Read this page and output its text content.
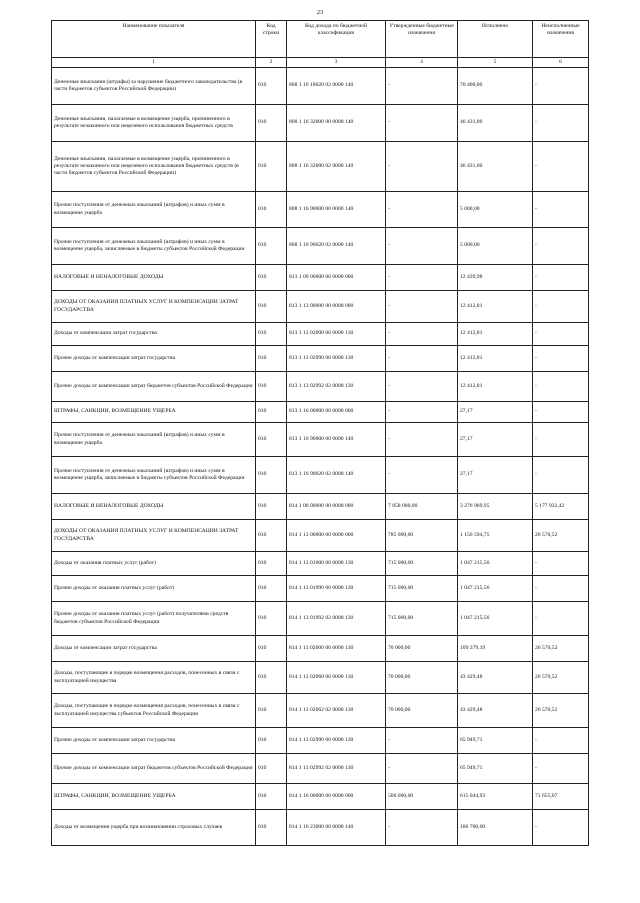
23
Наименование показателя	Код строки	Код дохода по бюджетной классификации	Утвержденные бюджетные назначения	Исполнено	Неисполненные назначения
1	2	3	4	5	6
Денежные взыскания (штрафы) за нарушение бюджетного законодательства (в части бюджетов субъектов Российской Федерации)	010	808 1 16 18020 02 0000 140	-	70 400,00	-
Денежные взыскания, налагаемые в возмещение ущерба, причиненного в результате незаконного или нецелевого использования бюджетных средств	010	808 1 16 32000 00 0000 140	-	46 431,00	-
Денежные взыскания, налагаемые в возмещение ущерба, причиненного в результате незаконного или нецелевого использования бюджетных средств (в части бюджетов субъектов Российской Федерации)	010	808 1 16 32000 02 0000 140	-	46 431,00	-
Прочие поступления от денежных взысканий (штрафов) и иных сумм в возмещение ущерба	010	808 1 16 90000 00 0000 140	-	5 000,00	-
Прочие поступления от денежных взысканий (штрафов) и иных сумм в возмещение ущерба, зачисляемые в бюджеты субъектов Российской Федерации	010	808 1 16 90020 02 0000 140	-	5 000,00	-
НАЛОГОВЫЕ И НЕНАЛОГОВЫЕ ДОХОДЫ	010	813 1 00 00000 00 0000 000	-	12 439,98	-
ДОХОДЫ ОТ ОКАЗАНИЯ ПЛАТНЫХ УСЛУГ И КОМПЕНСАЦИИ ЗАТРАТ ГОСУДАРСТВА	010	813 1 13 00000 00 0000 000	-	12 412,81	-
Доходы от компенсации затрат государства	010	813 1 13 02000 00 0000 130	-	12 412,81	-
Прочие доходы от компенсации затрат государства	010	813 1 13 02990 00 0000 130	-	12 412,81	-
Прочие доходы от компенсации затрат бюджетов субъектов Российской Федерации	010	813 1 13 02992 02 0000 130	-	12 412,81	-
ШТРАФЫ, САНКЦИИ, ВОЗМЕЩЕНИЕ УЩЕРБА	010	813 1 16 00000 00 0000 000	-	27,17	-
Прочие поступления от денежных взысканий (штрафов) и иных сумм в возмещение ущерба	010	813 1 16 90000 00 0000 140	-	27,17	-
Прочие поступления от денежных взысканий (штрафов) и иных сумм в возмещение ущерба, зачисляемые в бюджеты субъектов Российской Федерации	010	813 1 16 90020 02 0000 140	-	27,17	-
НАЛОГОВЫЕ И НЕНАЛОГОВЫЕ ДОХОДЫ	010	814 1 00 00000 00 0000 000	7 858 000,00	3 276 969,95	5 177 932,42
ДОХОДЫ ОТ ОКАЗАНИЯ ПЛАТНЫХ УСЛУГ И КОМПЕНСАЦИИ ЗАТРАТ ГОСУДАРСТВА	010	814 1 13 00000 00 0000 000	785 000,00	1 156 594,75	26 570,52
Доходы от оказания платных услуг (работ)	010	814 1 13 01000 00 0000 130	715 000,00	1 047 215,56	-
Прочие доходы от оказания платных услуг (работ)	010	814 1 13 01990 00 0000 130	715 000,00	1 047 215,56	-
Прочие доходы от оказания платных услуг (работ) получателями средств бюджетов субъектов Российской Федерации	010	814 1 13 01992 02 0000 130	715 000,00	1 047 215,56	-
Доходы от компенсации затрат государства	010	814 1 13 02000 00 0000 130	70 000,00	109 379,19	26 570,52
Доходы, поступающие в порядке возмещения расходов, понесенных в связи с эксплуатацией имущества	010	814 1 13 02060 00 0000 130	70 000,00	43 429,48	26 570,52
Доходы, поступающие в порядке возмещения расходов, понесенных в связи с эксплуатацией имущества субъектов Российской Федерации	010	814 1 13 02062 02 0000 130	70 000,00	43 429,48	26 570,52
Прочие доходы от компенсации затрат государства	010	814 1 13 02990 00 0000 130	-	65 949,71	-
Прочие доходы от компенсации затрат бюджетов субъектов Российской Федерации	010	814 1 13 02992 02 0000 130	-	65 949,71	-
ШТРАФЫ, САНКЦИИ, ВОЗМЕЩЕНИЕ УЩЕРБА	010	814 1 16 00000 00 0000 000	500 000,00	615 044,93	71 655,07
Доходы от возмещения ущерба при возникновении страховых случаев	010	814 1 16 23000 00 0000 140	-	186 700,00	-
